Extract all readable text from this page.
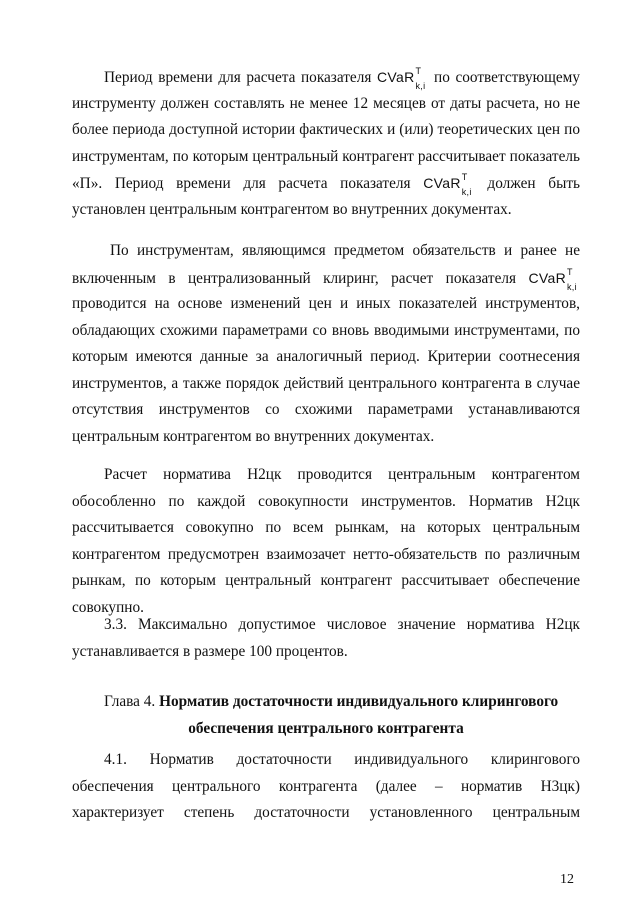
Период времени для расчета показателя CVaR T
k,i по соответствующему
инструменту должен составлять не менее 12 месяцев от даты расчета, но не
более периода доступной истории фактических и (или) теоретических цен по
инструментам, по которым центральный контрагент рассчитывает показатель
«П». Период времени для расчета показателя CVaR T
k,i должен быть
установлен центральным контрагентом во внутренних документах.
По инструментам, являющимся предметом обязательств и ранее не
включенным в централизованный клиринг, расчет показателя CVaR T
k,i
проводится на основе изменений цен и иных показателей инструментов,
обладающих схожими параметрами со вновь вводимыми инструментами, по
которым имеются данные за аналогичный период. Критерии соотнесения
инструментов, а также порядок действий центрального контрагента в случае
отсутствия инструментов со схожими параметрами устанавливаются
центральным контрагентом во внутренних документах.
Расчет норматива Н2цк проводится центральным контрагентом
обособленно по каждой совокупности инструментов. Норматив Н2цк
рассчитывается совокупно по всем рынкам, на которых центральным
контрагентом предусмотрен взаимозачет нетто-обязательств по различным
рынкам, по которым центральный контрагент рассчитывает обеспечение
совокупно.
3.3. Максимально допустимое числовое значение норматива Н2цк
устанавливается в размере 100 процентов.
Глава 4. Норматив достаточности индивидуального клирингового
обеспечения центрального контрагента
4.1. Норматив достаточности индивидуального клирингового
обеспечения центрального контрагента (далее – норматив Н3цк)
характеризует степень достаточности установленного центральным
12
